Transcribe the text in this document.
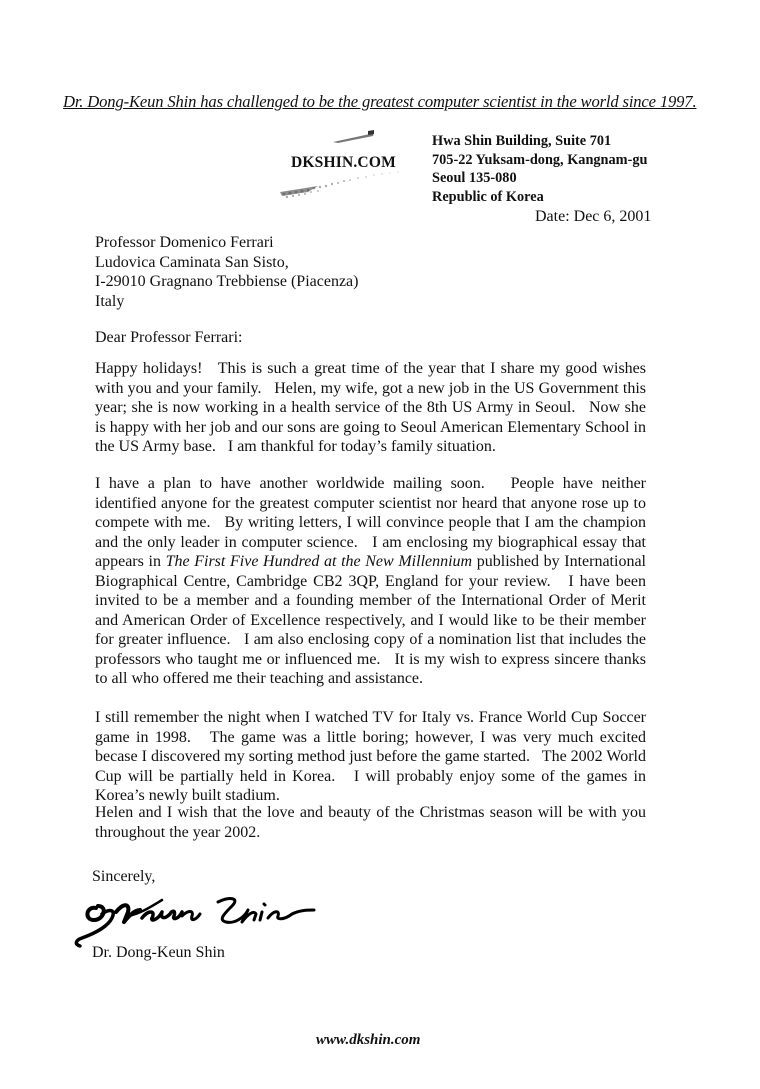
Dr. Dong-Keun Shin has challenged to be the greatest computer scientist in the world since 1997.
DKSHIN.COM
Hwa Shin Building, Suite 701
705-22 Yuksam-dong, Kangnam-gu
Seoul 135-080
Republic of Korea
Date: Dec 6, 2001
Professor Domenico Ferrari
Ludovica Caminata San Sisto,
I-29010 Gragnano Trebbiense (Piacenza)
Italy
Dear Professor Ferrari:
Happy holidays!   This is such a great time of the year that I share my good wishes with you and your family.   Helen, my wife, got a new job in the US Government this year; she is now working in a health service of the 8th US Army in Seoul.   Now she is happy with her job and our sons are going to Seoul American Elementary School in the US Army base.   I am thankful for today’s family situation.
I have a plan to have another worldwide mailing soon.   People have neither identified anyone for the greatest computer scientist nor heard that anyone rose up to compete with me.   By writing letters, I will convince people that I am the champion and the only leader in computer science.   I am enclosing my biographical essay that appears in The First Five Hundred at the New Millennium published by International Biographical Centre, Cambridge CB2 3QP, England for your review.   I have been invited to be a member and a founding member of the International Order of Merit and American Order of Excellence respectively, and I would like to be their member for greater influence.   I am also enclosing copy of a nomination list that includes the professors who taught me or influenced me.   It is my wish to express sincere thanks to all who offered me their teaching and assistance.
I still remember the night when I watched TV for Italy vs. France World Cup Soccer game in 1998.   The game was a little boring; however, I was very much excited becase I discovered my sorting method just before the game started.   The 2002 World Cup will be partially held in Korea.   I will probably enjoy some of the games in Korea’s newly built stadium.
Helen and I wish that the love and beauty of the Christmas season will be with you throughout the year 2002.
Sincerely,
Dr. Dong-Keun Shin
www.dkshin.com
